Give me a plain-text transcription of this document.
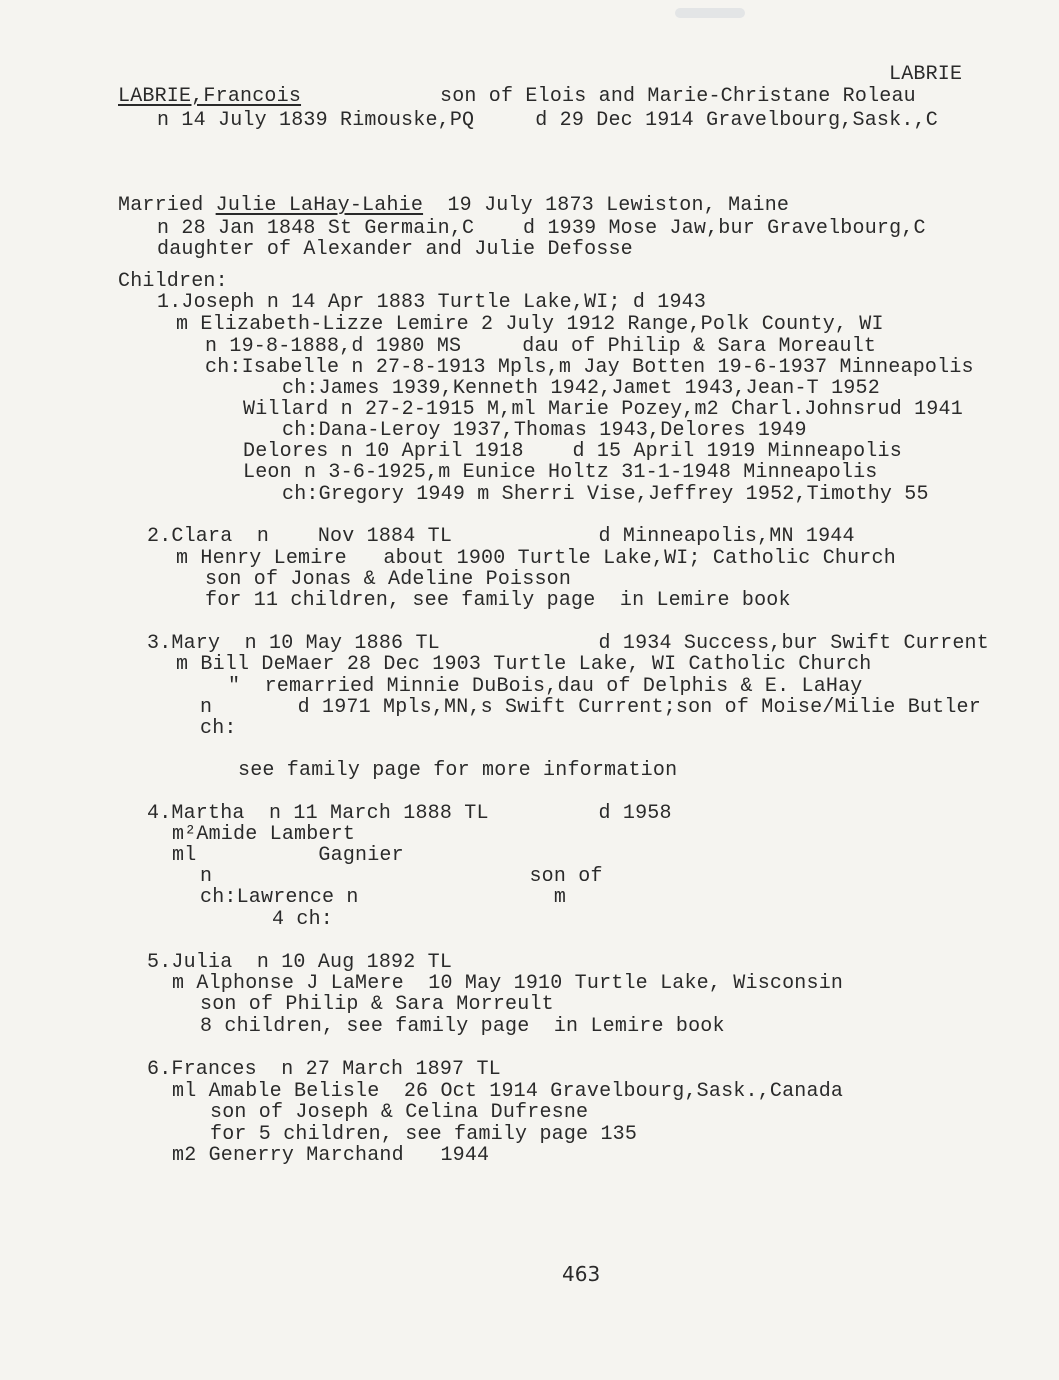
LABRIE
LABRIE,Francois	son of Elois and Marie-Christane Roleau
n 14 July 1839 Rimouske,PQ     d 29 Dec 1914 Gravelbourg,Sask.,C
Married Julie LaHay-Lahie  19 July 1873 Lewiston, Maine
n 28 Jan 1848 St Germain,C    d 1939 Mose Jaw,bur Gravelbourg,C
daughter of Alexander and Julie Defosse
Children:
1.Joseph n 14 Apr 1883 Turtle Lake,WI; d 1943
m Elizabeth-Lizze Lemire 2 July 1912 Range,Polk County, WI
n 19-8-1888,d 1980 MS     dau of Philip & Sara Moreault
ch:Isabelle n 27-8-1913 Mpls,m Jay Botten 19-6-1937 Minneapolis
ch:James 1939,Kenneth 1942,Jamet 1943,Jean-T 1952
Willard n 27-2-1915 M,ml Marie Pozey,m2 Charl.Johnsrud 1941
ch:Dana-Leroy 1937,Thomas 1943,Delores 1949
Delores n 10 April 1918    d 15 April 1919 Minneapolis
Leon n 3-6-1925,m Eunice Holtz 31-1-1948 Minneapolis
ch:Gregory 1949 m Sherri Vise,Jeffrey 1952,Timothy 55
2.Clara  n    Nov 1884 TL            d Minneapolis,MN 1944
m Henry Lemire   about 1900 Turtle Lake,WI; Catholic Church
son of Jonas & Adeline Poisson
for 11 children, see family page  in Lemire book
3.Mary  n 10 May 1886 TL             d 1934 Success,bur Swift Current
m Bill DeMaer 28 Dec 1903 Turtle Lake, WI Catholic Church
"  remarried Minnie DuBois,dau of Delphis & E. LaHay
n       d 1971 Mpls,MN,s Swift Current;son of Moise/Milie Butler
ch:
see family page for more information
4.Martha  n 11 March 1888 TL         d 1958
m²Amide Lambert
ml          Gagnier
n                          son of
ch:Lawrence n                m
4 ch:
5.Julia  n 10 Aug 1892 TL
m Alphonse J LaMere  10 May 1910 Turtle Lake, Wisconsin
son of Philip & Sara Morreult
8 children, see family page  in Lemire book
6.Frances  n 27 March 1897 TL
ml Amable Belisle  26 Oct 1914 Gravelbourg,Sask.,Canada
son of Joseph & Celina Dufresne
for 5 children, see family page 135
m2 Generry Marchand   1944
463
